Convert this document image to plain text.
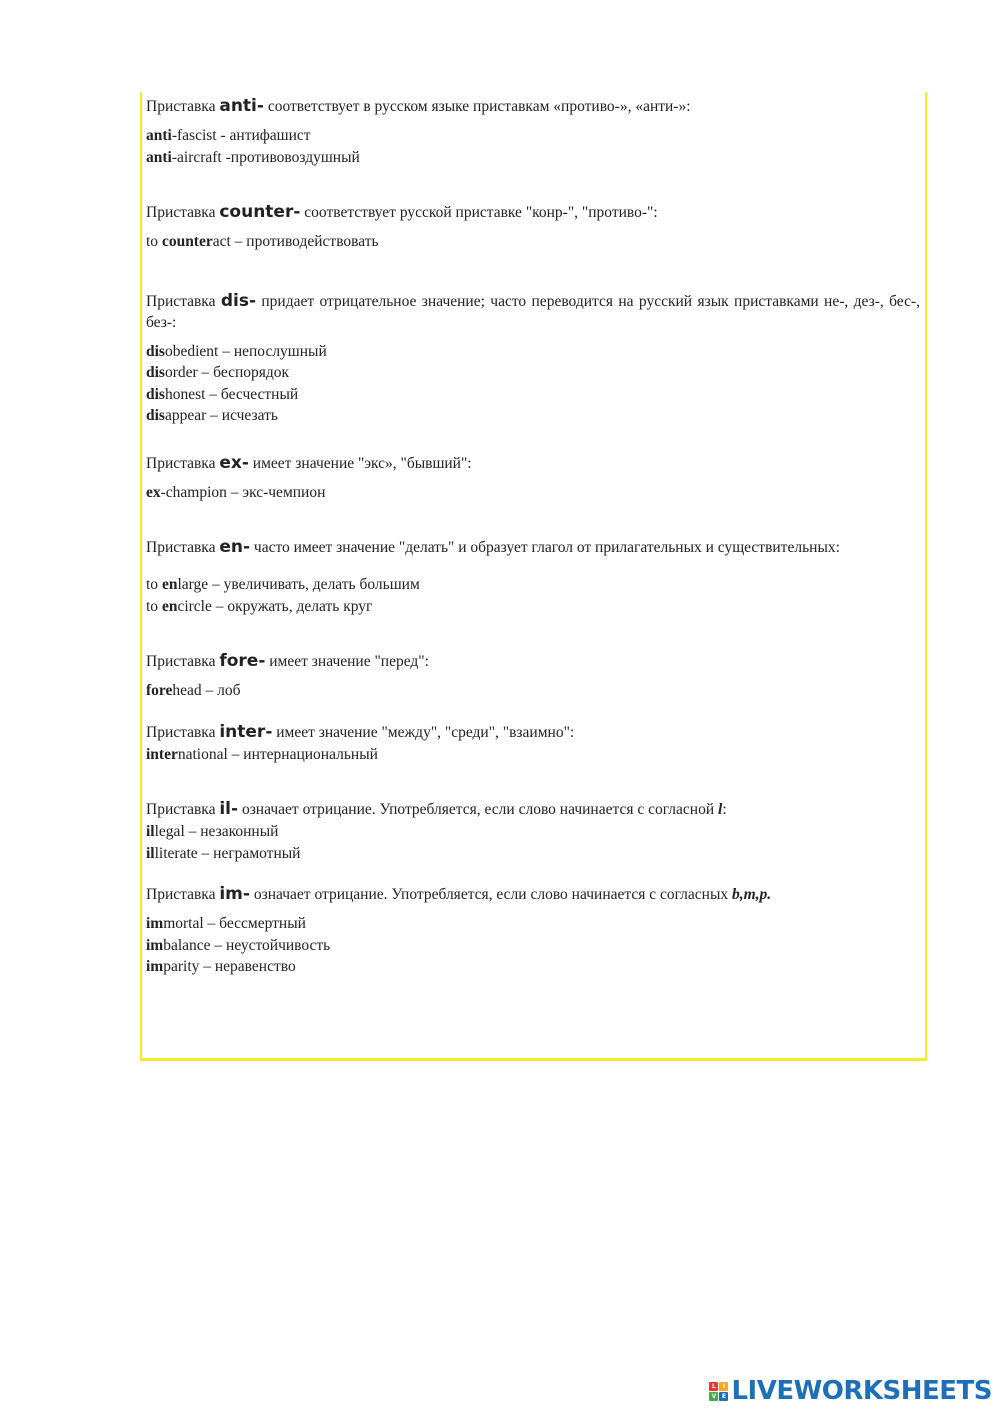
Приставка anti- соответствует в русском языке приставкам «противо-», «анти-»:

anti-fascist - антифашист

anti-aircraft -противовоздушный

Приставка counter- соответствует русской приставке "конр-", "противо-":

to counteract – противодействовать

Приставка dis- придает отрицательное значение; часто переводится на русский язык приставками не-, дез-, бес-, без-:

disobedient – непослушный

disorder – беспорядок

dishonest – бесчестный

disappear – исчезать

Приставка ex- имеет значение "экс», "бывший":

ex-champion – экс-чемпион

Приставка en- часто имеет значение "делать" и образует глагол от прилагательных и существительных:

to enlarge – увеличивать, делать большим

to encircle – окружать, делать круг

Приставка fore- имеет значение "перед":

forehead – лоб

Приставка inter- имеет значение "между", "среди", "взаимно":

international – интернациональный

Приставка il- означает отрицание. Употребляется, если слово начинается с согласной l:

illegal – незаконный

illiterate – неграмотный

Приставка im- означает отрицание. Употребляется, если слово начинается с согласных b,m,p.

immortal – бессмертный

imbalance – неустойчивость

imparity – неравенство

L	I
V E LIVEWORKSHEETS
